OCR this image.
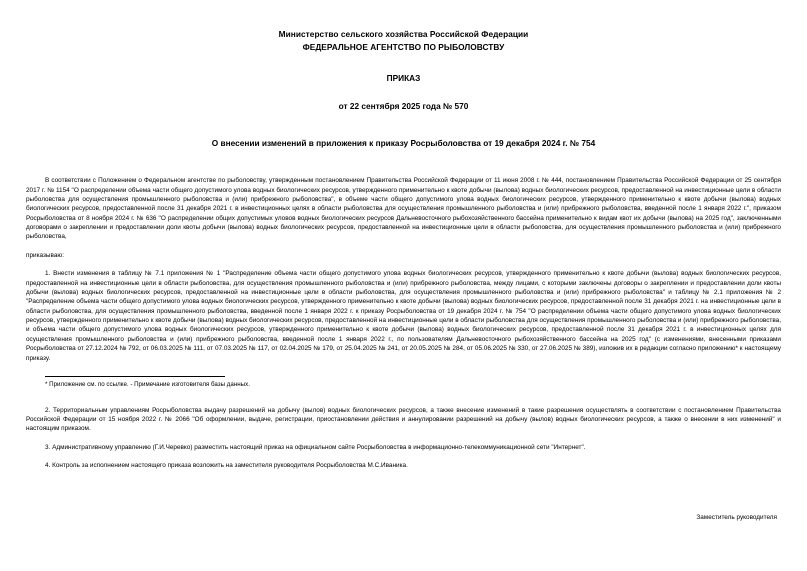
Министерство сельского хозяйства Российской Федерации
ФЕДЕРАЛЬНОЕ АГЕНТСТВО ПО РЫБОЛОВСТВУ
ПРИКАЗ
от 22 сентября 2025 года № 570
О внесении изменений в приложения к приказу Росрыболовства от 19 декабря 2024 г. № 754

В соответствии с Положением о Федеральном агентстве по рыболовству, утвержденным постановлением Правительства Российской Федерации от 11 июня 2008 г. № 444, постановлением Правительства Российской Федерации от 25 сентября 2017 г. № 1154 "О распределении объема части общего допустимого улова водных биологических ресурсов, утвержденного применительно к квоте добычи (вылова) водных биологических ресурсов, предоставленной на инвестиционные цели в области рыболовства для осуществления промышленного рыболовства и (или) прибрежного рыболовства", в объеме части общего допустимого улова водных биологических ресурсов, утвержденного применительно к квоте добычи (вылова) водных биологических ресурсов, предоставленной после 31 декабря 2021 г. в инвестиционных целях в области рыболовства для осуществления промышленного рыболовства и (или) прибрежного рыболовства, введенной после 1 января 2022 г.", приказом Росрыболовства от 8 ноября 2024 г. № 636 "О распределении общих допустимых уловов водных биологических ресурсов Дальневосточного рыбохозяйственного бассейна применительно к видам квот их добычи (вылова) на 2025 год", заключенными договорами о закреплении и предоставлении доли квоты добычи (вылова) водных биологических ресурсов, предоставленной на инвестиционные цели в области рыболовства, для осуществления промышленного рыболовства и (или) прибрежного рыболовства,

приказываю:

1. Внести изменения в таблицу № 7.1 приложения № 1 "Распределение объема части общего допустимого улова водных биологических ресурсов, утвержденного применительно к квоте добычи (вылова) водных биологических ресурсов, предоставленной на инвестиционные цели в области рыболовства, для осуществления промышленного рыболовства и (или) прибрежного рыболовства, между лицами, с которыми заключены договоры о закреплении и предоставлении доли квоты добычи (вылова) водных биологических ресурсов, предоставленной на инвестиционные цели в области рыболовства, для осуществления промышленного рыболовства и (или) прибрежного рыболовства" и таблицу № 2.1 приложения № 2 "Распределение объема части общего допустимого улова водных биологических ресурсов, утвержденного применительно к квоте добычи (вылова) водных биологических ресурсов, предоставленной после 31 декабря 2021 г. на инвестиционные цели в области рыболовства, для осуществления промышленного рыболовства, введенной после 1 января 2022 г. к приказу Росрыболовства от 19 декабря 2024 г. № 754 "О распределении объема части общего допустимого улова водных биологических ресурсов, утвержденного применительно к квоте добычи (вылова) водных биологических ресурсов, предоставленной на инвестиционные цели в области рыболовства для осуществления промышленного рыболовства и (или) прибрежного рыболовства, и объема части общего допустимого улова водных биологических ресурсов, утвержденного применительно к квоте добычи (вылова) водных биологических ресурсов, предоставленной после 31 декабря 2021 г. в инвестиционных целях для осуществления промышленного рыболовства и (или) прибрежного рыболовства, введенной после 1 января 2022 г., по пользователям Дальневосточного рыбохозяйственного бассейна на 2025 год" (с изменениями, внесенными приказами Росрыболовства от 27.12.2024 № 792, от 06.03.2025 № 111, от 07.03.2025 № 117, от 02.04.2025 № 179, от 25.04.2025 № 241, от 20.05.2025 № 284, от 05.06.2025 № 330, от 27.06.2025 № 389), изложив их в редакции согласно приложению* к настоящему приказу.

* Приложение см. по ссылке. - Примечание изготовителя базы данных.

2. Территориальным управлениям Росрыболовства выдачу разрешений на добычу (вылов) водных биологических ресурсов, а также внесение изменений в такие разрешения осуществлять в соответствии с постановлением Правительства Российской Федерации от 15 ноября 2022 г. № 2066 "Об оформлении, выдаче, регистрации, приостановлении действия и аннулировании разрешений на добычу (вылов) водных биологических ресурсов, а также о внесении в них изменений" и настоящим приказом.

3. Административному управлению (Г.И.Черевко) разместить настоящий приказ на официальном сайте Росрыболовства в информационно-телекоммуникационной сети "Интернет".

4. Контроль за исполнением настоящего приказа возложить на заместителя руководителя Росрыболовства М.С.Иваника.

Заместитель руководителя
